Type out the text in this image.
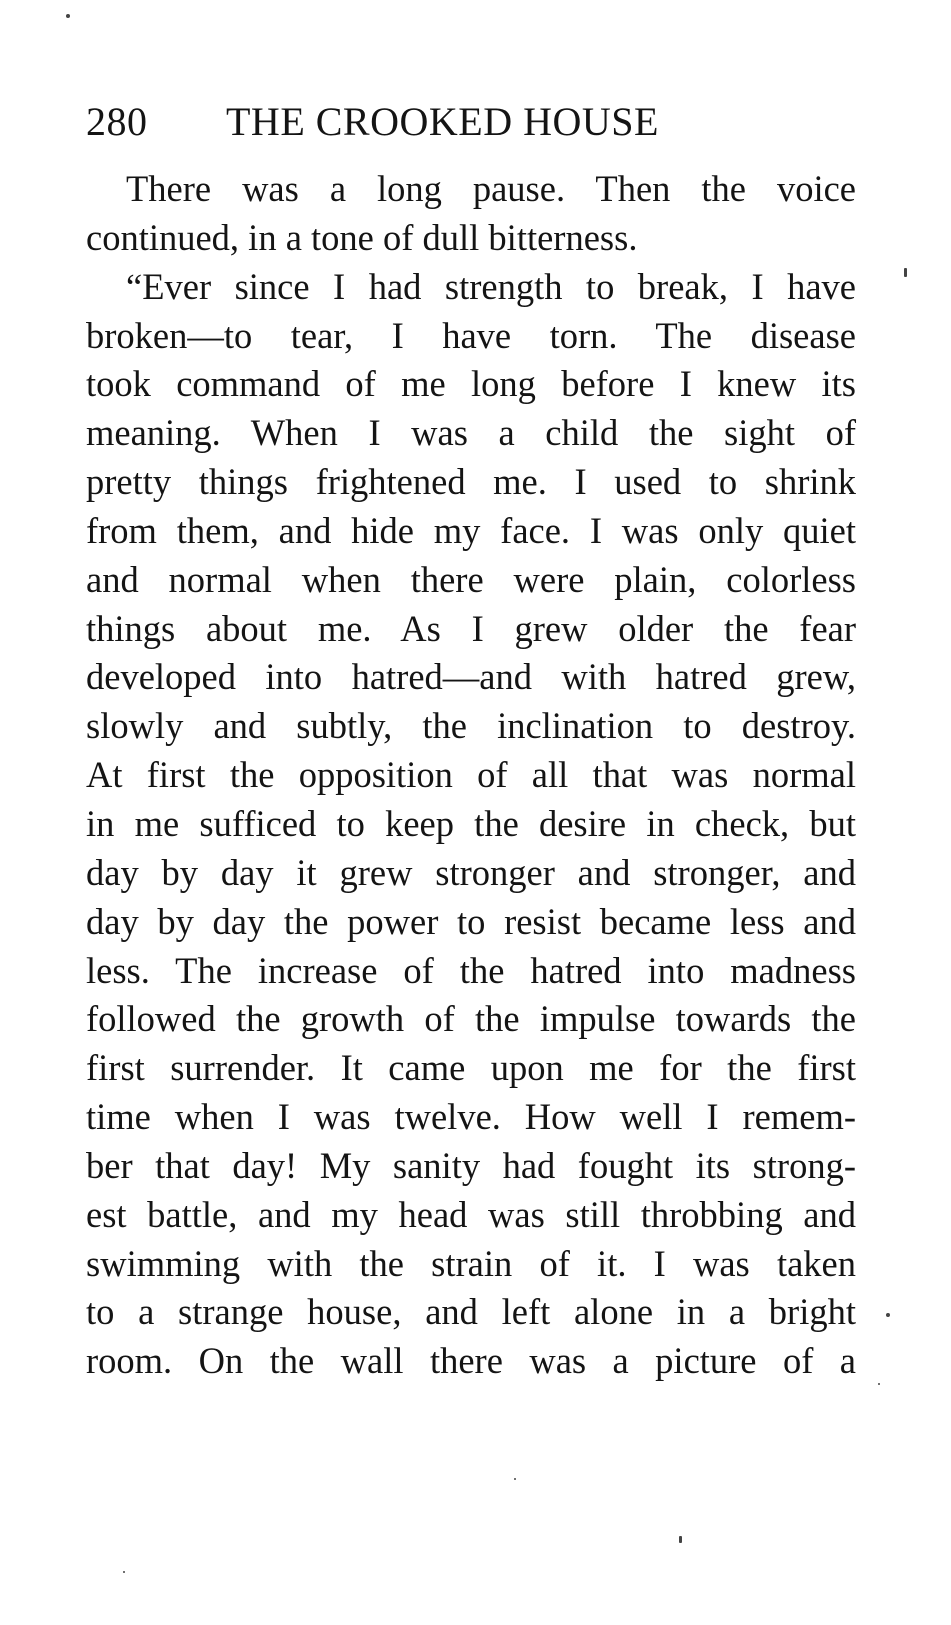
280 THE CROOKED HOUSE
There was a long pause. Then the voice
continued, in a tone of dull bitterness.
“Ever since I had strength to break, I have
broken—to tear, I have torn. The disease
took command of me long before I knew its
meaning. When I was a child the sight of
pretty things frightened me. I used to shrink
from them, and hide my face. I was only quiet
and normal when there were plain, colorless
things about me. As I grew older the fear
developed into hatred—and with hatred grew,
slowly and subtly, the inclination to destroy.
At first the opposition of all that was normal
in me sufficed to keep the desire in check, but
day by day it grew stronger and stronger, and
day by day the power to resist became less and
less. The increase of the hatred into madness
followed the growth of the impulse towards the
first surrender. It came upon me for the first
time when I was twelve. How well I remem-
ber that day! My sanity had fought its strong-
est battle, and my head was still throbbing and
swimming with the strain of it. I was taken
to a strange house, and left alone in a bright
room. On the wall there was a picture of a
